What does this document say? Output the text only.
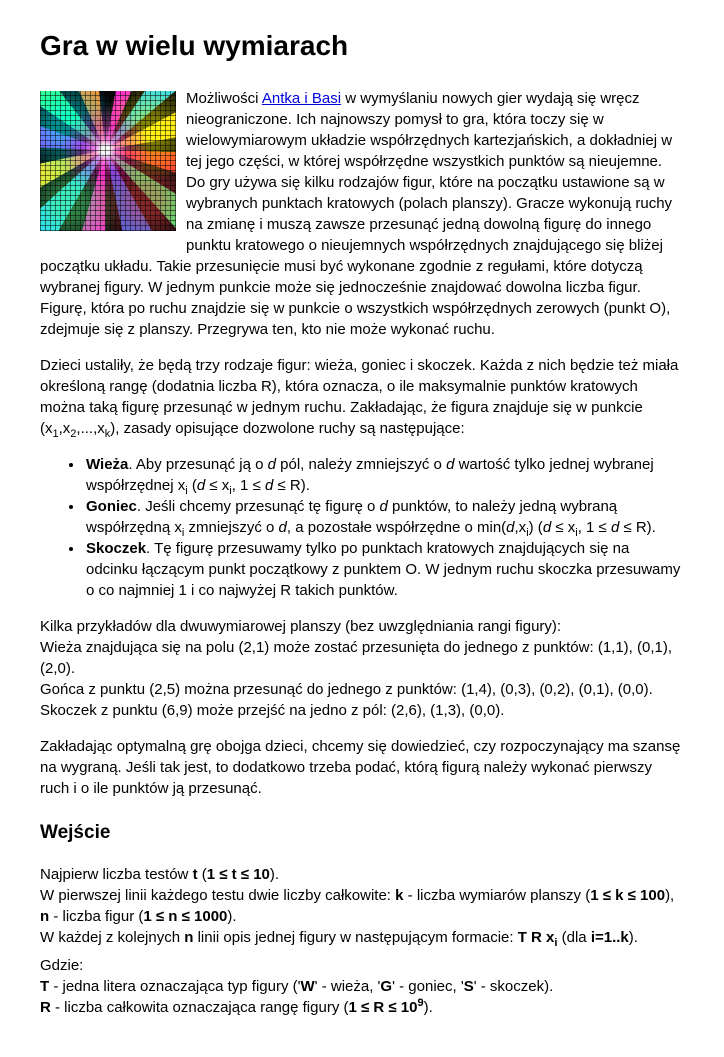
Gra w wielu wymiarach

Możliwości Antka i Basi w wymyślaniu nowych gier wydają się wręcz nieograniczone. Ich najnowszy pomysł to gra, która toczy się w wielowymiarowym układzie współrzędnych kartezjańskich, a dokładniej w tej jego części, w której współrzędne wszystkich punktów są nieujemne. Do gry używa się kilku rodzajów figur, które na początku ustawione są w wybranych punktach kratowych (polach planszy). Gracze wykonują ruchy na zmianę i muszą zawsze przesunąć jedną dowolną figurę do innego punktu kratowego o nieujemnych współrzędnych znajdującego się bliżej początku układu. Takie przesunięcie musi być wykonane zgodnie z regułami, które dotyczą wybranej figury. W jednym punkcie może się jednocześnie znajdować dowolna liczba figur. Figurę, która po ruchu znajdzie się w punkcie o wszystkich współrzędnych zerowych (punkt O), zdejmuje się z planszy. Przegrywa ten, kto nie może wykonać ruchu.

Dzieci ustaliły, że będą trzy rodzaje figur: wieża, goniec i skoczek. Każda z nich będzie też miała określoną rangę (dodatnia liczba R), która oznacza, o ile maksymalnie punktów kratowych można taką figurę przesunąć w jednym ruchu. Zakładając, że figura znajduje się w punkcie $(x_1,x_2,...,x_k)$, zasady opisujące dozwolone ruchy są następujące:

• Wieża. Aby przesunąć ją o d pól, należy zmniejszyć o d wartość tylko jednej wybranej współrzędnej $x_i$ ($d \le x_i$, 1 ≤ d ≤ R).
• Goniec. Jeśli chcemy przesunąć tę figurę o d punktów, to należy jedną wybraną współrzędną $x_i$ zmniejszyć o d, a pozostałe współrzędne o $\min(d,x_i) (d \le x_i$, 1 ≤ d ≤ R).
• Skoczek. Tę figurę przesuwamy tylko po punktach kratowych znajdujących się na odcinku łączącym punkt początkowy z punktem O. W jednym ruchu skoczka przesuwamy o co najmniej 1 i co najwyżej R takich punktów.

Kilka przykładów dla dwuwymiarowej planszy (bez uwzględniania rangi figury):
Wieża znajdująca się na polu (2,1) może zostać przesunięta do jednego z punktów: (1,1), (0,1), (2,0).
Gońca z punktu (2,5) można przesunąć do jednego z punktów: (1,4), (0,3), (0,2), (0,1), (0,0).
Skoczek z punktu (6,9) może przejść na jedno z pól: (2,6), (1,3), (0,0).

Zakładając optymalną grę obojga dzieci, chcemy się dowiedzieć, czy rozpoczynający ma szansę na wygraną. Jeśli tak jest, to dodatkowo trzeba podać, którą figurą należy wykonać pierwszy ruch i o ile punktów ją przesunąć.

Wejście

Najpierw liczba testów t (1 ≤ t ≤ 10).
W pierwszej linii każdego testu dwie liczby całkowite: k - liczba wymiarów planszy (1 ≤ k ≤ 100), n - liczba figur (1 ≤ n ≤ 1000).
W każdej z kolejnych n linii opis jednej figury w następującym formacie: T R $x_i$ (dla i=1..k).

Gdzie:
T - jedna litera oznaczająca typ figury ('W' - wieża, 'G' - goniec, 'S' - skoczek).
R - liczba całkowita oznaczająca rangę figury $(1 \le R \le 10^9)$.
